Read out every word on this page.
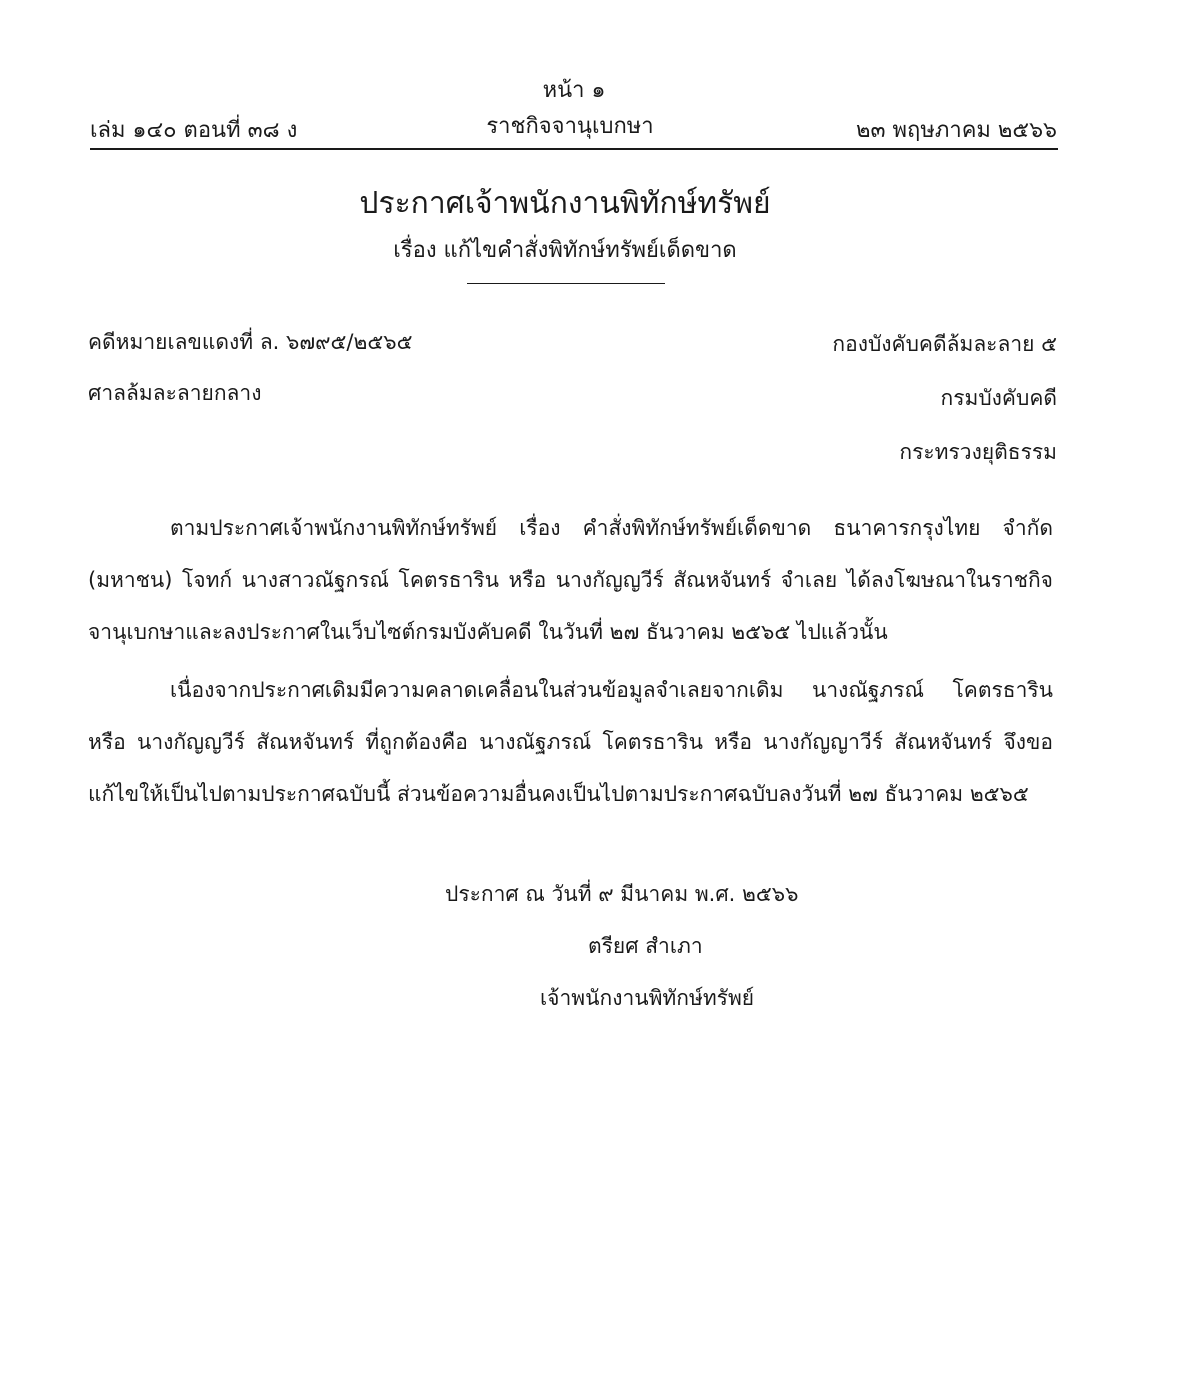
หน้า ๑
เล่ม ๑๔๐ ตอนที่ ๓๘ ง	ราชกิจจานุเบกษา	๒๓ พฤษภาคม ๒๕๖๖
ประกาศเจ้าพนักงานพิทักษ์ทรัพย์
เรื่อง แก้ไขคำสั่งพิทักษ์ทรัพย์เด็ดขาด
คดีหมายเลขแดงที่ ล. ๖๗๙๕/๒๕๖๕
ศาลล้มละลายกลาง
กองบังคับคดีล้มละลาย ๕
กรมบังคับคดี
กระทรวงยุติธรรม
ตามประกาศเจ้าพนักงานพิทักษ์ทรัพย์ เรื่อง คำสั่งพิทักษ์ทรัพย์เด็ดขาด ธนาคารกรุงไทย จำกัด (มหาชน) โจทก์ นางสาวณัฐกรณ์ โคตรธาริน หรือ นางกัญญวีร์ สัณหจันทร์ จำเลย ได้ลงโฆษณาในราชกิจจานุเบกษาและลงประกาศในเว็บไซต์กรมบังคับคดี ในวันที่ ๒๗ ธันวาคม ๒๕๖๕ ไปแล้วนั้น
เนื่องจากประกาศเดิมมีความคลาดเคลื่อนในส่วนข้อมูลจำเลยจากเดิม นางณัฐภรณ์ โคตรธาริน หรือ นางกัญญวีร์ สัณหจันทร์ ที่ถูกต้องคือ นางณัฐภรณ์ โคตรธาริน หรือ นางกัญญาวีร์ สัณหจันทร์ จึงขอแก้ไขให้เป็นไปตามประกาศฉบับนี้ ส่วนข้อความอื่นคงเป็นไปตามประกาศฉบับลงวันที่ ๒๗ ธันวาคม ๒๕๖๕
ประกาศ ณ วันที่ ๙ มีนาคม พ.ศ. ๒๕๖๖
ตรียศ สำเภา
เจ้าพนักงานพิทักษ์ทรัพย์
